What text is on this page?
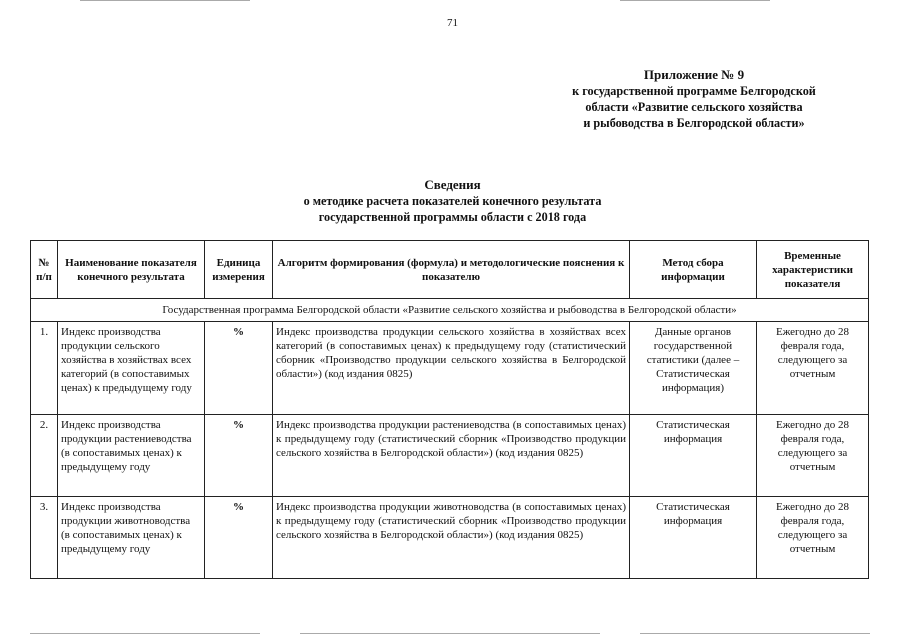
71
Приложение № 9
к государственной программе Белгородской
области «Развитие сельского хозяйства
и рыбоводства в Белгородской области»
Сведения
о методике расчета показателей конечного результата
государственной программы области с 2018 года
№ п/п	Наименование показателя конечного результата	Единица измерения	Алгоритм формирования (формула) и методологические пояснения к показателю	Метод сбора информации	Временные характеристики показателя
Государственная программа Белгородской области «Развитие сельского хозяйства и рыбоводства в Белгородской области»					
1.	Индекс производства продукции сельского хозяйства в хозяйствах всех категорий (в сопоставимых ценах) к предыдущему году	%	Индекс производства продукции сельского хозяйства в хозяйствах всех категорий (в сопоставимых ценах) к предыдущему году (статистический сборник «Производство продукции сельского хозяйства в Белгородской области») (код издания 0825)	Данные органов государственной статистики (далее – Статистическая информация)	Ежегодно до 28 февраля года, следующего за отчетным
2.	Индекс производства продукции растениеводства (в сопоставимых ценах) к предыдущему году	%	Индекс производства продукции растениеводства (в сопоставимых ценах) к предыдущему году (статистический сборник «Производство продукции сельского хозяйства в Белгородской области») (код издания 0825)	Статистическая информация	Ежегодно до 28 февраля года, следующего за отчетным
3.	Индекс производства продукции животноводства (в сопоставимых ценах) к предыдущему году	%	Индекс производства продукции животноводства (в сопоставимых ценах) к предыдущему году (статистический сборник «Производство продукции сельского хозяйства в Белгородской области») (код издания 0825)	Статистическая информация	Ежегодно до 28 февраля года, следующего за отчетным
